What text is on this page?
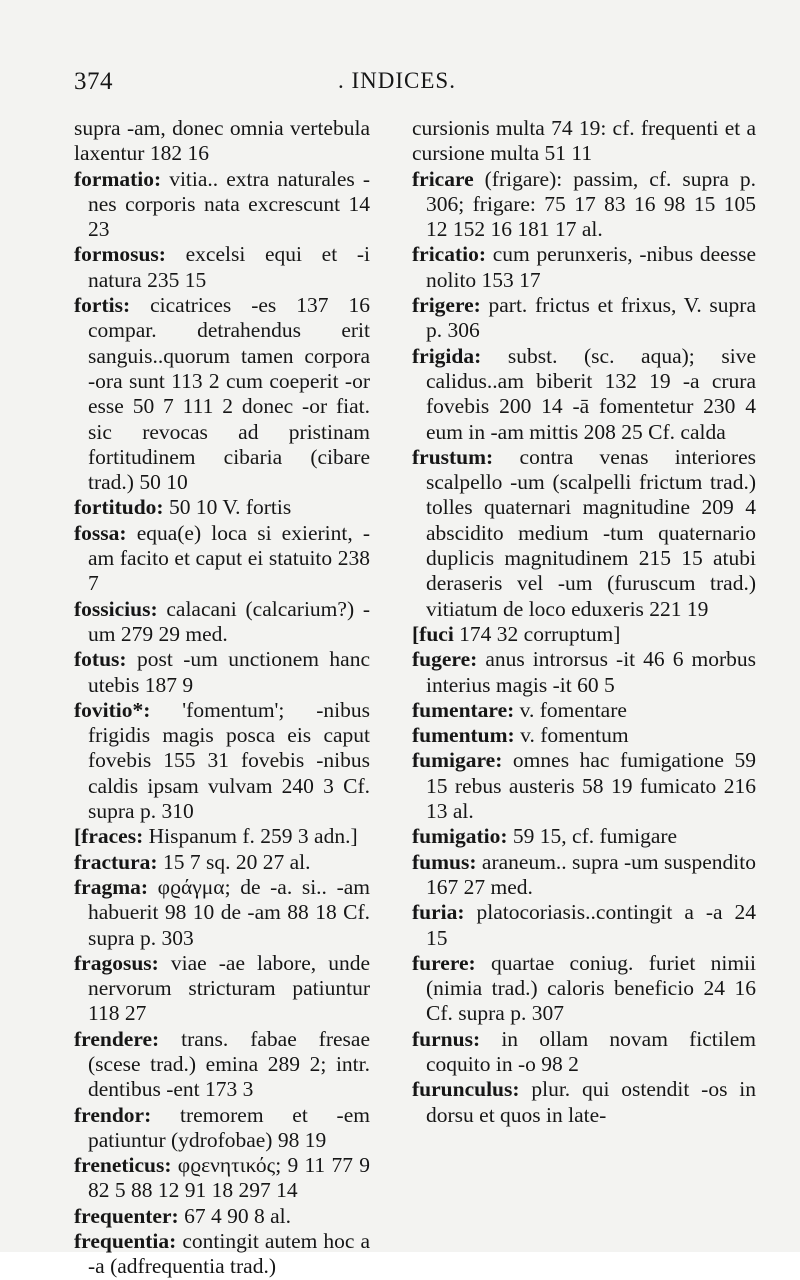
374	. INDICES.

supra -am, donec omnia vertebula laxentur 182 16

formatio: vitia.. extra naturales -nes corporis nata excrescunt 14 23

formosus: excelsi equi et -i natura 235 15

fortis: cicatrices -es 137 16 compar. detrahendus erit sanguis..quorum tamen corpora -ora sunt 113 2 cum coeperit -or esse 50 7 111 2 donec -or fiat. sic revocas ad pristinam fortitudinem cibaria (cibare trad.) 50 10

fortitudo: 50 10 V. fortis

fossa: equa(e) loca si exierint, -am facito et caput ei statuito 238 7

fossicius: calacani (calcarium?) -um 279 29 med.

fotus: post -um unctionem hanc utebis 187 9

fovitio*: 'fomentum'; -nibus frigidis magis posca eis caput fovebis 155 31 fovebis -nibus caldis ipsam vulvam 240 3 Cf. supra p. 310

[fraces: Hispanum f. 259 3 adn.]

fractura: 15 7 sq. 20 27 al.

fragma: φϱάγμα; de -a. si.. -am habuerit 98 10 de -am 88 18 Cf. supra p. 303

fragosus: viae -ae labore, unde nervorum stricturam patiuntur 118 27

frendere: trans. fabae fresae (scese trad.) emina 289 2; intr. dentibus -ent 173 3

frendor: tremorem et -em patiuntur (ydrofobae) 98 19

freneticus: φϱενητικός; 9 11 77 9 82 5 88 12 91 18 297 14

frequenter: 67 4 90 8 al.

frequentia: contingit autem hoc a -a (adfrequentia trad.)

cursionis multa 74 19: cf. frequenti et a cursione multa 51 11

fricare (frigare): passim, cf. supra p. 306; frigare: 75 17 83 16 98 15 105 12 152 16 181 17 al.

fricatio: cum perunxeris, -nibus deesse nolito 153 17

frigere: part. frictus et frixus, V. supra p. 306

frigida: subst. (sc. aqua); sive calidus..am biberit 132 19 -a crura fovebis 200 14 -ā fomentetur 230 4 eum in -am mittis 208 25 Cf. calda

frustum: contra venas interiores scalpello -um (scalpelli frictum trad.) tolles quaternari magnitudine 209 4 abscidito medium -tum quaternario duplicis magnitudinem 215 15 atubi deraseris vel -um (furuscum trad.) vitiatum de loco eduxeris 221 19

[fuci 174 32 corruptum]

fugere: anus introrsus -it 46 6 morbus interius magis -it 60 5

fumentare: v. fomentare

fumentum: v. fomentum

fumigare: omnes hac fumigatione 59 15 rebus austeris 58 19 fumicato 216 13 al.

fumigatio: 59 15, cf. fumigare

fumus: araneum.. supra -um suspendito 167 27 med.

furia: platocoriasis..contingit a -a 24 15

furere: quartae coniug. furiet nimii (nimia trad.) caloris beneficio 24 16 Cf. supra p. 307

furnus: in ollam novam fictilem coquito in -o 98 2

furunculus: plur. qui ostendit -os in dorsu et quos in late-
